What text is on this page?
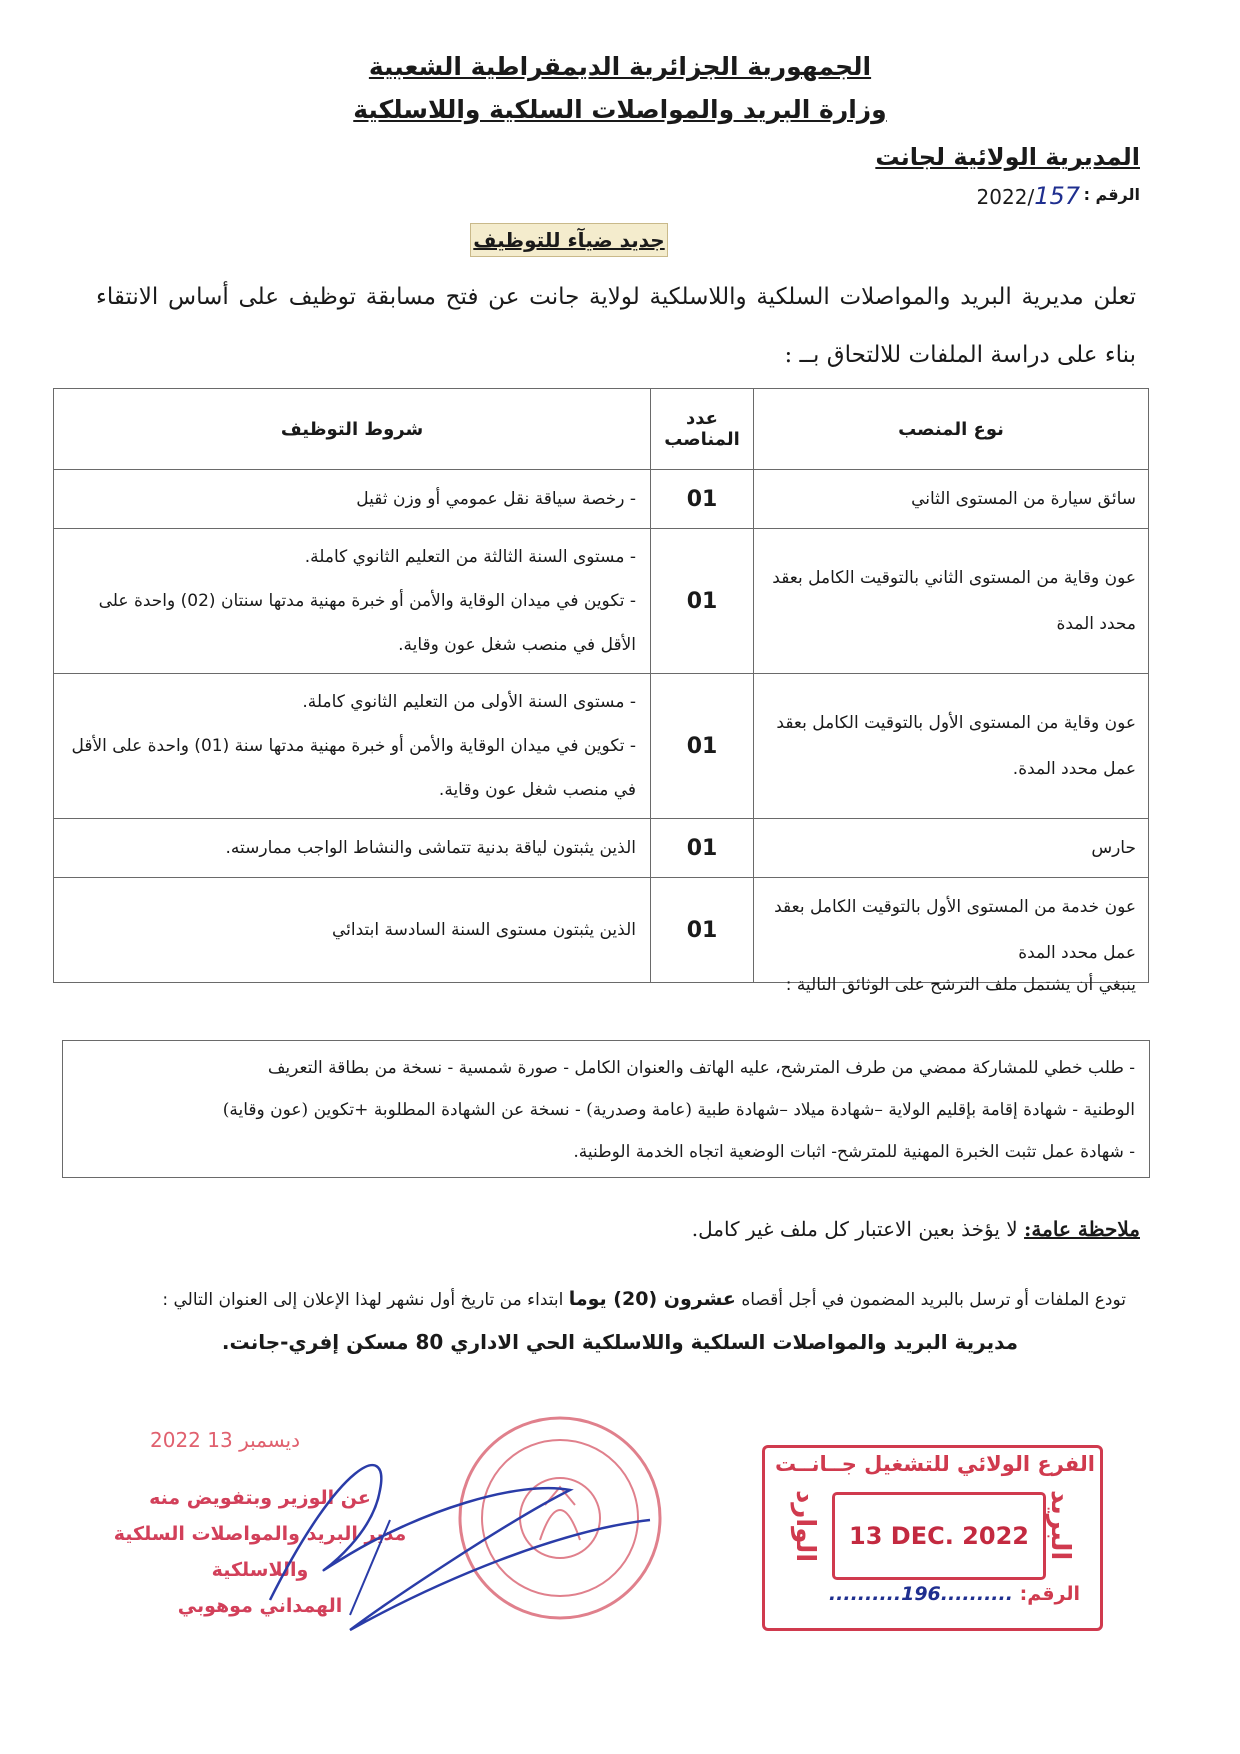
الجمهورية الجزائرية الديمقراطية الشعبية
وزارة البريد والمواصلات السلكية واللاسلكية
المديرية الولائية لجانت
الرقم :
2022/157
جديد ضيآء للتوظيف
تعلن مديرية البريد والمواصلات السلكية واللاسلكية لولاية جانت عن فتح مسابقة توظيف على أساس الانتقاء بناء على دراسة الملفات للالتحاق بــ :
نوع المنصب	عدد المناصب	شروط التوظيف
سائق سيارة من المستوى الثاني	01	- رخصة سياقة نقل عمومي أو وزن ثقيل

عون وقاية من المستوى الثاني بالتوقيت الكامل بعقد محدد المدة	01	- مستوى السنة الثالثة من التعليم الثانوي كاملة.
- تكوين في ميدان الوقاية والأمن أو خبرة مهنية مدتها سنتان (02) واحدة على الأقل في منصب شغل عون وقاية.

عون وقاية من المستوى الأول بالتوقيت الكامل بعقد عمل محدد المدة.	01	- مستوى السنة الأولى من التعليم الثانوي كاملة.
- تكوين في ميدان الوقاية والأمن أو خبرة مهنية مدتها سنة (01) واحدة على الأقل في منصب شغل عون وقاية.

حارس	01	الذين يثبتون لياقة بدنية تتماشى والنشاط الواجب ممارسته.

عون خدمة من المستوى الأول بالتوقيت الكامل بعقد عمل محدد المدة	01	الذين يثبتون مستوى السنة السادسة ابتدائي
ينبغي أن يشتمل ملف الترشح على الوثائق التالية :
- طلب خطي للمشاركة ممضي من طرف المترشح، عليه الهاتف والعنوان الكامل - صورة شمسية - نسخة من بطاقة التعريف
الوطنية - شهادة إقامة بإقليم الولاية –شهادة ميلاد –شهادة طبية (عامة وصدرية) - نسخة عن الشهادة المطلوبة +تكوين (عون وقاية)
- شهادة عمل تثبت الخبرة المهنية للمترشح- اثبات الوضعية اتجاه الخدمة الوطنية.
ملاحظة عامة: لا يؤخذ بعين الاعتبار كل ملف غير كامل.
تودع الملفات أو ترسل بالبريد المضمون في أجل أقصاه عشرون (20) يوما ابتداء من تاريخ أول نشهر لهذا الإعلان إلى العنوان التالي :
مديرية البريد والمواصلات السلكية واللاسلكية الحي الاداري 80 مسكن إفري-جانت.
2022 ديسمبر 13
عن الوزير وبتفويض منه
مدير البريد والمواصلات السلكية واللاسلكية
الهمداني موهوبي
الفرع الولائي للتشغيل جــانــت
البريد
الوارد	13 DEC. 2022
الرقم: ..........196..........
